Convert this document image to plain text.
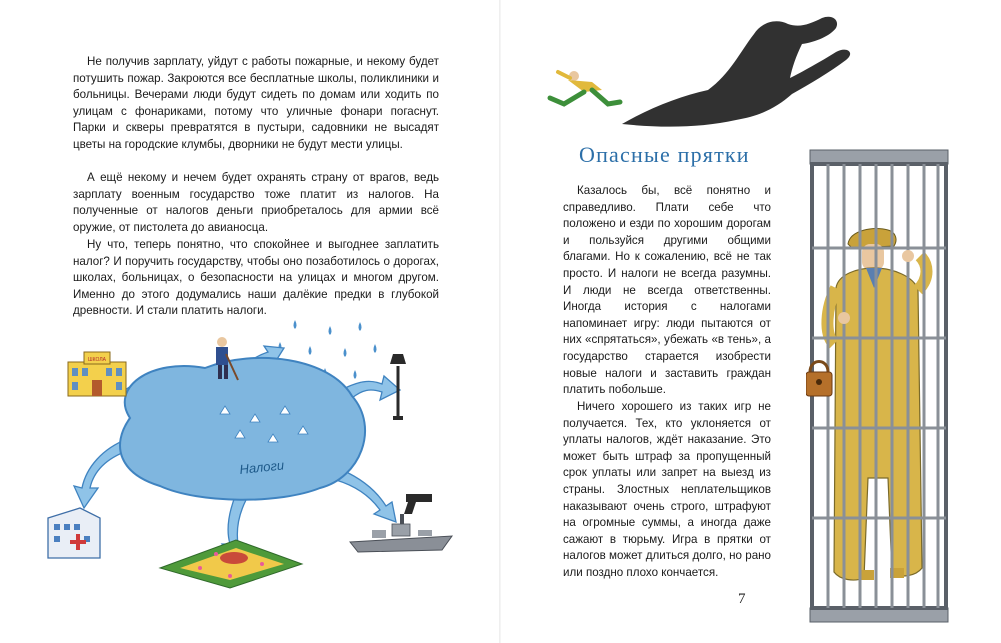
Не получив зарплату, уйдут с работы пожарные, и некому будет потушить пожар. Закроются все бесплатные школы, поликлиники и больницы. Вечерами люди будут сидеть по домам или ходить по улицам с фонариками, потому что уличные фонари погаснут. Парки и скверы превратятся в пустыри, садовники не высадят цветы на городские клумбы, дворники не будут мести улицы.

А ещё некому и нечем будет охранять страну от врагов, ведь зарплату военным государство тоже платит из налогов. На полученные от налогов деньги приобреталось для армии всё оружие, от пистолета до авианосца.

Ну что, теперь понятно, что спокойнее и выгоднее заплатить налог? И поручить государству, чтобы оно позаботилось о дорогах, школах, больницах, о безопасности на улицах и многом другом. Именно до этого додумались наши далёкие предки в глубокой древности. И стали платить налоги.

Налоги
ШКОЛА
Опасные прятки

Казалось бы, всё понятно и справедливо. Плати себе что положено и езди по хорошим дорогам и пользуйся другими общими благами. Но к сожалению, всё не так просто. И налоги не всегда разумны. И люди не всегда ответственны. Иногда история с налогами напоминает игру: люди пытаются от них «спрятаться», убежать «в тень», а государство старается изобрести новые налоги и заставить граждан платить побольше.

Ничего хорошего из таких игр не получается. Тех, кто уклоняется от уплаты налогов, ждёт наказание. Это может быть штраф за пропущенный срок уплаты или запрет на выезд из страны. Злостных неплательщиков наказывают очень строго, штрафуют на огромные суммы, а иногда даже сажают в тюрьму. Игра в прятки от налогов может длиться долго, но рано или поздно плохо кончается.

7
